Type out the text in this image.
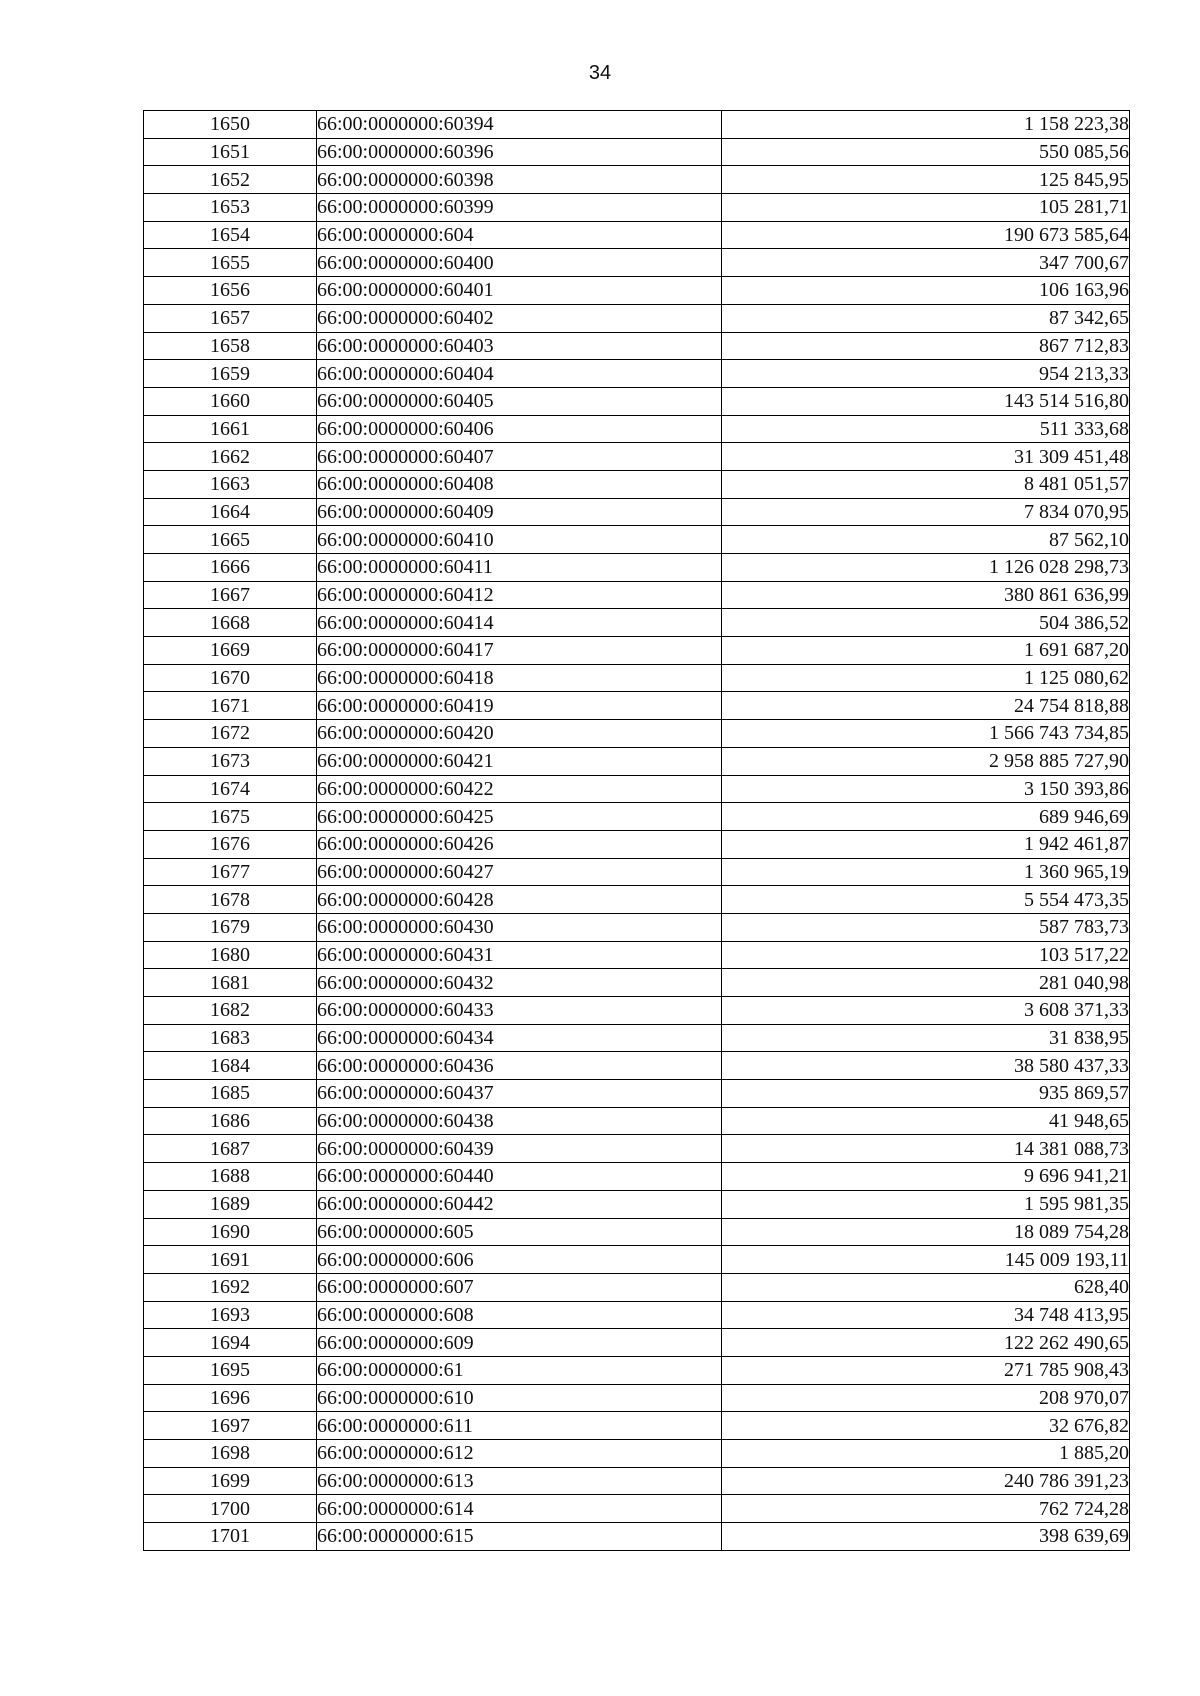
34
1650	66:00:0000000:60394	1 158 223,38
1651	66:00:0000000:60396	550 085,56
1652	66:00:0000000:60398	125 845,95
1653	66:00:0000000:60399	105 281,71
1654	66:00:0000000:604	190 673 585,64
1655	66:00:0000000:60400	347 700,67
1656	66:00:0000000:60401	106 163,96
1657	66:00:0000000:60402	87 342,65
1658	66:00:0000000:60403	867 712,83
1659	66:00:0000000:60404	954 213,33
1660	66:00:0000000:60405	143 514 516,80
1661	66:00:0000000:60406	511 333,68
1662	66:00:0000000:60407	31 309 451,48
1663	66:00:0000000:60408	8 481 051,57
1664	66:00:0000000:60409	7 834 070,95
1665	66:00:0000000:60410	87 562,10
1666	66:00:0000000:60411	1 126 028 298,73
1667	66:00:0000000:60412	380 861 636,99
1668	66:00:0000000:60414	504 386,52
1669	66:00:0000000:60417	1 691 687,20
1670	66:00:0000000:60418	1 125 080,62
1671	66:00:0000000:60419	24 754 818,88
1672	66:00:0000000:60420	1 566 743 734,85
1673	66:00:0000000:60421	2 958 885 727,90
1674	66:00:0000000:60422	3 150 393,86
1675	66:00:0000000:60425	689 946,69
1676	66:00:0000000:60426	1 942 461,87
1677	66:00:0000000:60427	1 360 965,19
1678	66:00:0000000:60428	5 554 473,35
1679	66:00:0000000:60430	587 783,73
1680	66:00:0000000:60431	103 517,22
1681	66:00:0000000:60432	281 040,98
1682	66:00:0000000:60433	3 608 371,33
1683	66:00:0000000:60434	31 838,95
1684	66:00:0000000:60436	38 580 437,33
1685	66:00:0000000:60437	935 869,57
1686	66:00:0000000:60438	41 948,65
1687	66:00:0000000:60439	14 381 088,73
1688	66:00:0000000:60440	9 696 941,21
1689	66:00:0000000:60442	1 595 981,35
1690	66:00:0000000:605	18 089 754,28
1691	66:00:0000000:606	145 009 193,11
1692	66:00:0000000:607	628,40
1693	66:00:0000000:608	34 748 413,95
1694	66:00:0000000:609	122 262 490,65
1695	66:00:0000000:61	271 785 908,43
1696	66:00:0000000:610	208 970,07
1697	66:00:0000000:611	32 676,82
1698	66:00:0000000:612	1 885,20
1699	66:00:0000000:613	240 786 391,23
1700	66:00:0000000:614	762 724,28
1701	66:00:0000000:615	398 639,69
